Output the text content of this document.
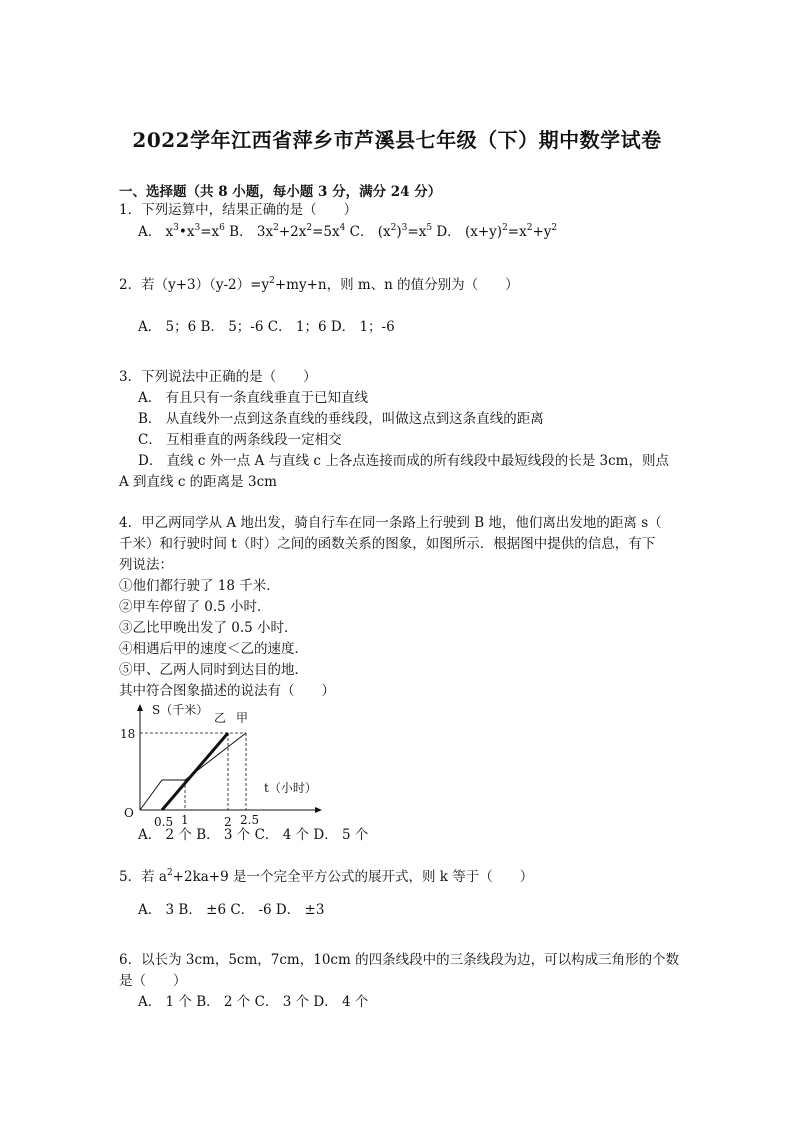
2022学年江西省萍乡市芦溪县七年级（下）期中数学试卷
一、选择题（共 8 小题，每小题 3 分，满分 24 分）
1．下列运算中，结果正确的是（　　）
A． $x^3•x^3=x^6$ B． $3x^2+2x^2=5x^4$ C． $(x^2)^3=x^5$ D． $(x+y)^2=x^2+y^2$
2．若$(y+3)(y-2)=y^2+my+n$，则 m、n 的值分别为（　　）
A． 5；6 B． 5；-6 C． 1；6 D． 1；-6
3．下列说法中正确的是（　　）
A． 有且只有一条直线垂直于已知直线
B． 从直线外一点到这条直线的垂线段，叫做这点到这条直线的距离
C． 互相垂直的两条线段一定相交
D． 直线 c 外一点 A 与直线 c 上各点连接而成的所有线段中最短线段的长是 3cm，则点
A 到直线 c 的距离是 3cm
4．甲乙两同学从 A 地出发，骑自行车在同一条路上行驶到 B 地，他们离出发地的距离 s（
千米）和行驶时间 t（时）之间的函数关系的图象，如图所示．根据图中提供的信息，有下
列说法：
①他们都行驶了 18 千米．
②甲车停留了 0.5 小时．
③乙比甲晚出发了 0.5 小时．
④相遇后甲的速度＜乙的速度．
⑤甲、乙两人同时到达目的地．
其中符合图象描述的说法有（　　）
S（千米）
乙 甲
18
t（小时）
O
0.5 1	2 2.5
A． 2 个 B． 3 个 C． 4 个 D． 5 个
5．若 $a^2+2ka+9$ 是一个完全平方公式的展开式，则 k 等于（　　）
A． 3 B． ±6 C． -6 D． ±3
6．以长为 3cm，5cm，7cm，10cm 的四条线段中的三条线段为边，可以构成三角形的个数
是（　　）
A． 1 个 B． 2 个 C． 3 个 D． 4 个
